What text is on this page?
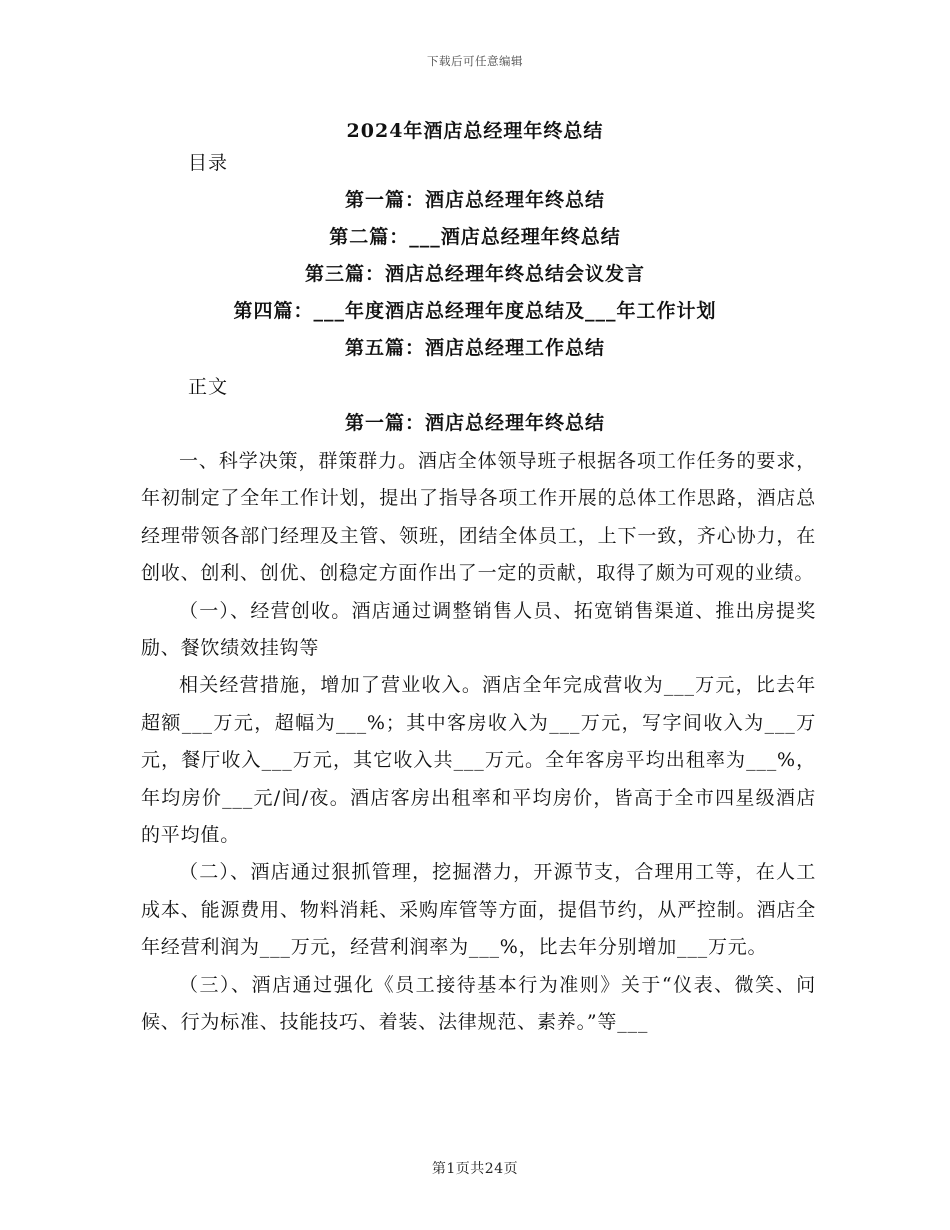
下载后可任意编辑
2024年酒店总经理年终总结
目录
第一篇：酒店总经理年终总结
第二篇：___酒店总经理年终总结
第三篇：酒店总经理年终总结会议发言
第四篇：___年度酒店总经理年度总结及___年工作计划
第五篇：酒店总经理工作总结
正文
第一篇：酒店总经理年终总结

一、科学决策，群策群力。酒店全体领导班子根据各项工作任务的要求，年初制定了全年工作计划，提出了指导各项工作开展的总体工作思路，酒店总经理带领各部门经理及主管、领班，团结全体员工，上下一致，齐心协力，在创收、创利、创优、创稳定方面作出了一定的贡献，取得了颇为可观的业绩。

（一）、经营创收。酒店通过调整销售人员、拓宽销售渠道、推出房提奖励、餐饮绩效挂钩等

相关经营措施，增加了营业收入。酒店全年完成营收为___万元，比去年超额___万元，超幅为___%；其中客房收入为___万元，写字间收入为___万元，餐厅收入___万元，其它收入共___万元。全年客房平均出租率为___%，年均房价___元/间/夜。酒店客房出租率和平均房价，皆高于全市四星级酒店的平均值。

（二）、酒店通过狠抓管理，挖掘潜力，开源节支，合理用工等，在人工成本、能源费用、物料消耗、采购库管等方面，提倡节约，从严控制。酒店全年经营利润为___万元，经营利润率为___%，比去年分别增加___万元。

（三）、酒店通过强化《员工接待基本行为准则》关于“仪表、微笑、问候、行为标准、技能技巧、着装、法律规范、素养。”等___

第1页共24页
